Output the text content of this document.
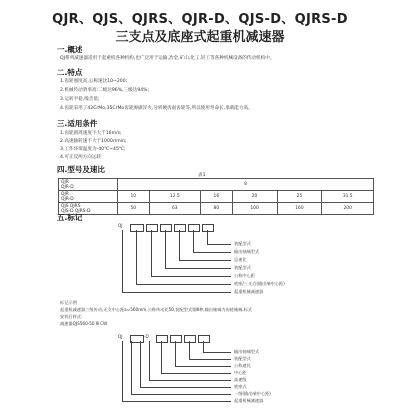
QJR、QJS、QJRS、QJR-D、QJS-D、QJRS-D
三支点及底座式起重机减速器
一.概述
QJ系列减速器适用于起重机各种机构,也广泛用于运输,冶金,矿山,化工,轻工等各种机械设备的传动机构中。
二.特点
1.齿轮强度高,公称速比10~200;
2.机械传动效率高:二级达96%,三级达94%;
3.运转平稳,噪音低;
4.齿轮采用了42CrMo,35CrMo齿轮渗碳淬火,分析硬齿面齿轮等,所以使用寿命长,承载能力高。
三.适用条件
1.齿轮圆周速度不大于16m/s;
2.高速轴转速不大于1000r/min;
3.工作环境温度为-40℃~45℃;
4.可正反两方向运转
四.型号及速比
表1
QJR
QJR-D	8					
QJR
QJR-D	10	12.5	16	20	25	31.5
QJS QJRS
QJS-D QJRS-D	50	63	80	100	160	200
五.标记
QJ
装配型式
输出轴端型式
总速比
装配型式
公称中心距
底座/三支点(输出端中心距)
起重机械减速器
标记示例
起重机减速器三级传动,无支中心距a=560mm,公称传动比50,装配型式第Ⅲ种,输出轴端为齿轮轴端,标式
安装后样式:
减速器QJS560-50 Ⅲ CW
QJ	-D
输出轴端型式
装配型式
公称速比
中心距
高速级
底座式
一级(输出端中心距)
起重机械减速器
